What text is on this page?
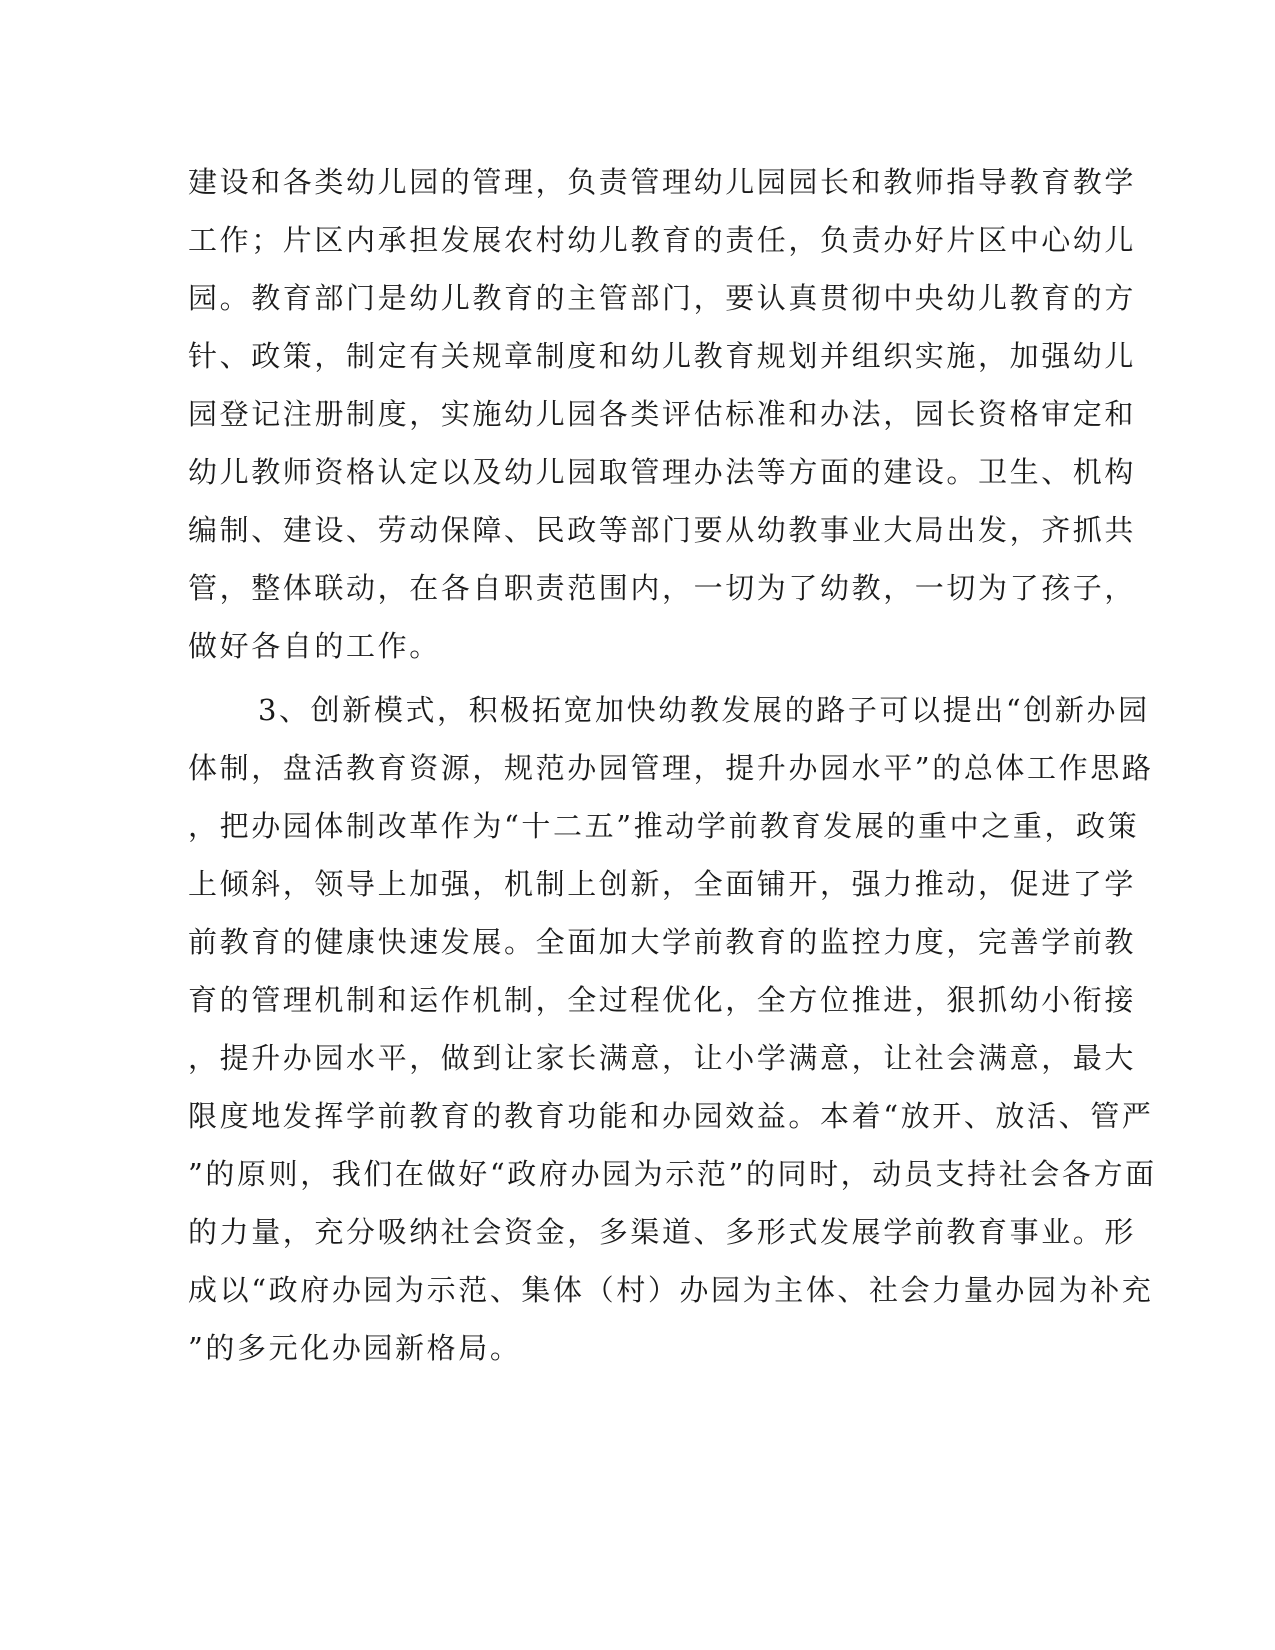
建设和各类幼儿园的管理，负责管理幼儿园园长和教师指导教育教学
工作；片区内承担发展农村幼儿教育的责任，负责办好片区中心幼儿
园。教育部门是幼儿教育的主管部门，要认真贯彻中央幼儿教育的方
针、政策，制定有关规章制度和幼儿教育规划并组织实施，加强幼儿
园登记注册制度，实施幼儿园各类评估标准和办法，园长资格审定和
幼儿教师资格认定以及幼儿园取管理办法等方面的建设。卫生、机构
编制、建设、劳动保障、民政等部门要从幼教事业大局出发，齐抓共
管，整体联动，在各自职责范围内，一切为了幼教，一切为了孩子，
做好各自的工作。
3、创新模式，积极拓宽加快幼教发展的路子可以提出“创新办园
体制，盘活教育资源，规范办园管理，提升办园水平”的总体工作思路
，把办园体制改革作为“十二五”推动学前教育发展的重中之重，政策
上倾斜，领导上加强，机制上创新，全面铺开，强力推动，促进了学
前教育的健康快速发展。全面加大学前教育的监控力度，完善学前教
育的管理机制和运作机制，全过程优化，全方位推进，狠抓幼小衔接
，提升办园水平，做到让家长满意，让小学满意，让社会满意，最大
限度地发挥学前教育的教育功能和办园效益。本着“放开、放活、管严
”的原则，我们在做好“政府办园为示范”的同时，动员支持社会各方面
的力量，充分吸纳社会资金，多渠道、多形式发展学前教育事业。形
成以“政府办园为示范、集体（村）办园为主体、社会力量办园为补充
”的多元化办园新格局。
